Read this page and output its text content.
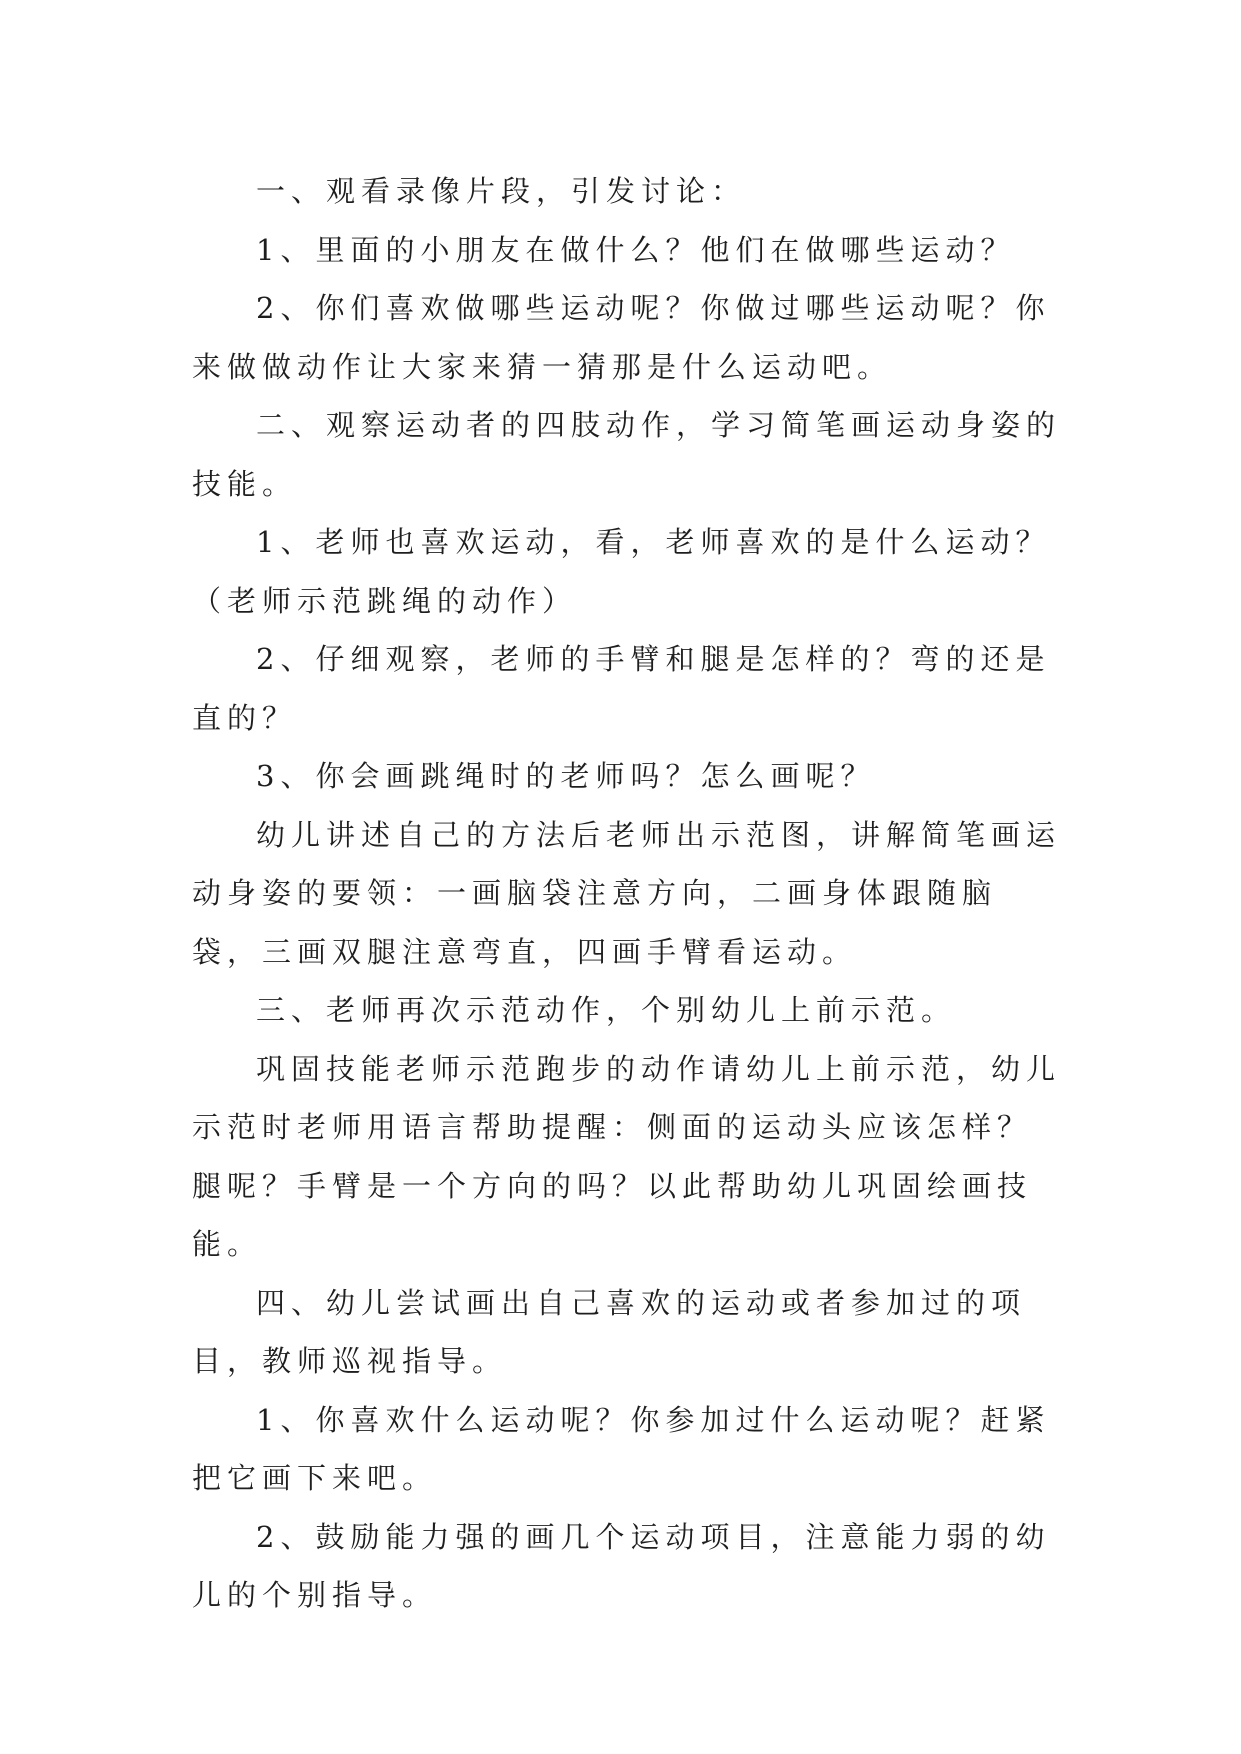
一、观看录像片段，引发讨论：

1、里面的小朋友在做什么？他们在做哪些运动？

2、你们喜欢做哪些运动呢？你做过哪些运动呢？你来做做动作让大家来猜一猜那是什么运动吧。

二、观察运动者的四肢动作，学习简笔画运动身姿的技能。

1、老师也喜欢运动，看，老师喜欢的是什么运动？（老师示范跳绳的动作）

2、仔细观察，老师的手臂和腿是怎样的？弯的还是直的？

3、你会画跳绳时的老师吗？怎么画呢？

幼儿讲述自己的方法后老师出示范图，讲解简笔画运动身姿的要领：一画脑袋注意方向，二画身体跟随脑袋，三画双腿注意弯直，四画手臂看运动。

三、老师再次示范动作，个别幼儿上前示范。

巩固技能老师示范跑步的动作请幼儿上前示范，幼儿示范时老师用语言帮助提醒：侧面的运动头应该怎样？腿呢？手臂是一个方向的吗？以此帮助幼儿巩固绘画技能。

四、幼儿尝试画出自己喜欢的运动或者参加过的项目，教师巡视指导。

1、你喜欢什么运动呢？你参加过什么运动呢？赶紧把它画下来吧。

2、鼓励能力强的画几个运动项目，注意能力弱的幼儿的个别指导。
